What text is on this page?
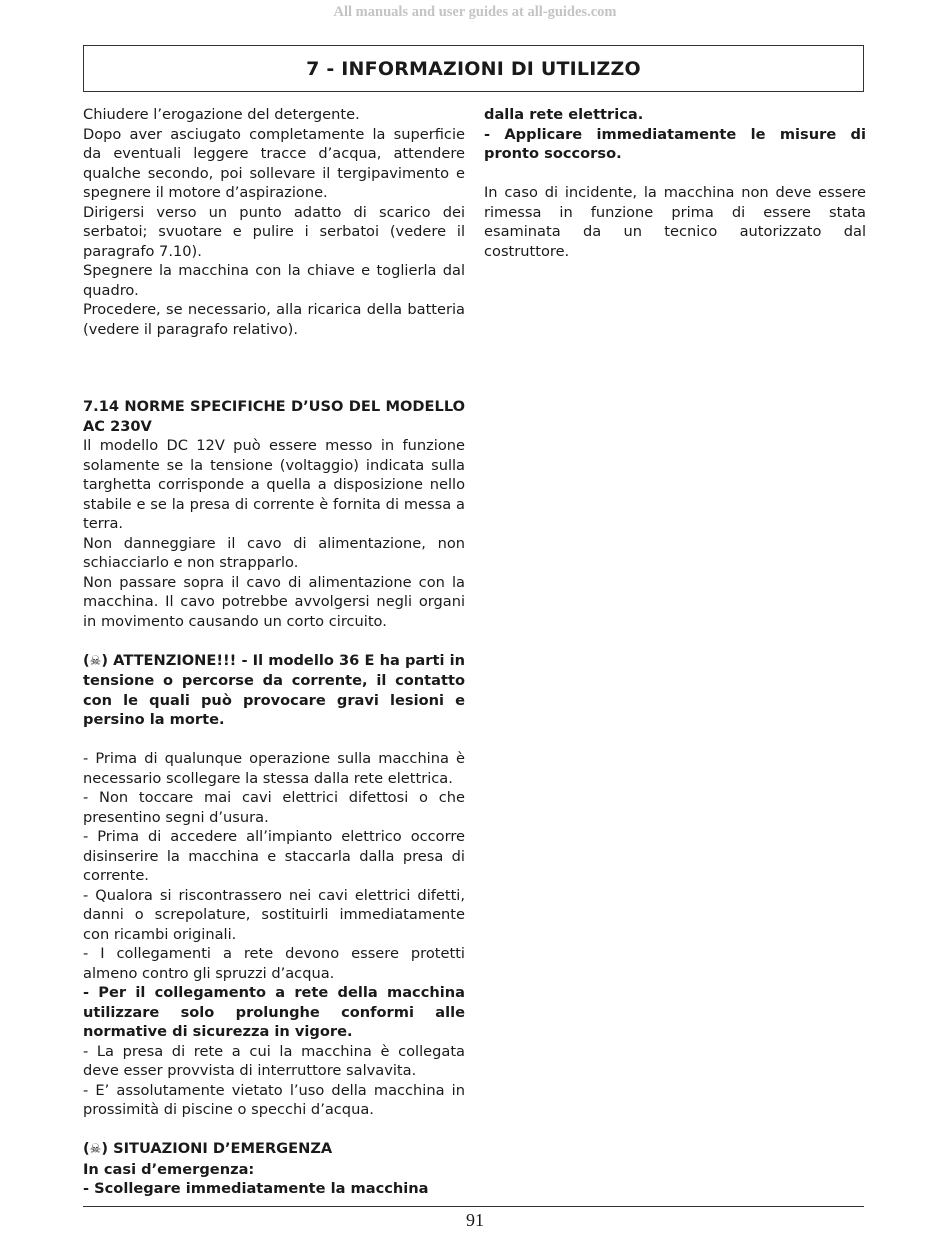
All manuals and user guides at all-guides.com
7 - INFORMAZIONI DI UTILIZZO

Chiudere l’erogazione del detergente.

Dopo aver asciugato completamente la superficie da eventuali leggere tracce d’acqua, attendere qualche secondo, poi sollevare il tergipavimento e spegnere il motore d’aspirazione.

Dirigersi verso un punto adatto di scarico dei serbatoi; svuotare e pulire i serbatoi (vedere il paragrafo 7.10).

Spegnere la macchina con la chiave e toglierla dal quadro.

Procedere, se necessario, alla ricarica della batteria (vedere il paragrafo relativo).

7.14 NORME SPECIFICHE D’USO DEL MODELLO AC 230V

Il modello DC 12V può essere messo in funzione solamente se la tensione (voltaggio) indicata sulla targhetta corrisponde a quella a disposizione nello stabile e se la presa di corrente è fornita di messa a terra.

Non danneggiare il cavo di alimentazione, non schiacciarlo e non strapparlo.

Non passare sopra il cavo di alimentazione con la macchina. Il cavo potrebbe avvolgersi negli organi in movimento causando un corto circuito.

(☠) ATTENZIONE!!! - Il modello 36 E ha parti in tensione o percorse da corrente, il contatto con le quali può provocare gravi lesioni e persino la morte.

- Prima di qualunque operazione sulla macchina è necessario scollegare la stessa dalla rete elettrica.

- Non toccare mai cavi elettrici difettosi o che presentino segni d’usura.

- Prima di accedere all’impianto elettrico occorre disinserire la macchina e staccarla dalla presa di corrente.

- Qualora si riscontrassero nei cavi elettrici difetti, danni o screpolature, sostituirli immediatamente con ricambi originali.

- I collegamenti a rete devono essere protetti almeno contro gli spruzzi d’acqua.

- Per il collegamento a rete della macchina utilizzare solo prolunghe conformi alle normative di sicurezza in vigore.

- La presa di rete a cui la macchina è collegata deve esser provvista di interruttore salvavita.

- E’ assolutamente vietato l’uso della macchina in prossimità di piscine o specchi d’acqua.

(☠) SITUAZIONI D’EMERGENZA

In casi d’emergenza:

- Scollegare immediatamente la macchina

dalla rete elettrica.

- Applicare immediatamente le misure di pronto soccorso.

In caso di incidente, la macchina non deve essere rimessa in funzione prima di essere stata esaminata da un tecnico autorizzato dal costruttore.

91
